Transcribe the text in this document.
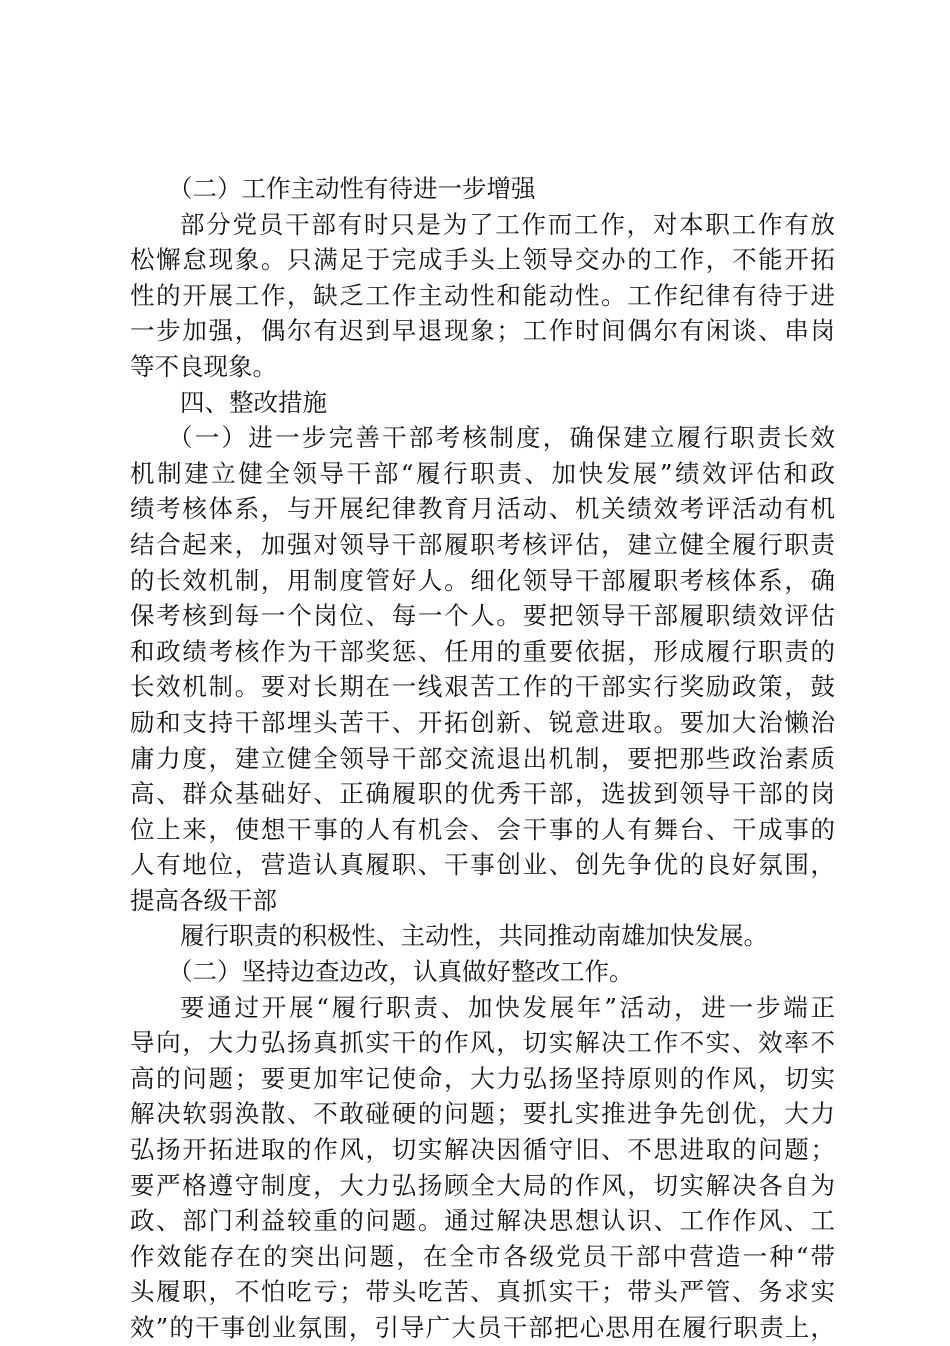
（二）工作主动性有待进一步增强
部分党员干部有时只是为了工作而工作，对本职工作有放
松懈怠现象。只满足于完成手头上领导交办的工作，不能开拓
性的开展工作，缺乏工作主动性和能动性。工作纪律有待于进
一步加强，偶尔有迟到早退现象；工作时间偶尔有闲谈、串岗
等不良现象。
四、整改措施
（一）进一步完善干部考核制度，确保建立履行职责长效
机制建立健全领导干部“履行职责、加快发展”绩效评估和政
绩考核体系，与开展纪律教育月活动、机关绩效考评活动有机
结合起来，加强对领导干部履职考核评估，建立健全履行职责
的长效机制，用制度管好人。细化领导干部履职考核体系，确
保考核到每一个岗位、每一个人。要把领导干部履职绩效评估
和政绩考核作为干部奖惩、任用的重要依据，形成履行职责的
长效机制。要对长期在一线艰苦工作的干部实行奖励政策，鼓
励和支持干部埋头苦干、开拓创新、锐意进取。要加大治懒治
庸力度，建立健全领导干部交流退出机制，要把那些政治素质
高、群众基础好、正确履职的优秀干部，选拔到领导干部的岗
位上来，使想干事的人有机会、会干事的人有舞台、干成事的
人有地位，营造认真履职、干事创业、创先争优的良好氛围，
提高各级干部
履行职责的积极性、主动性，共同推动南雄加快发展。
（二）坚持边查边改，认真做好整改工作。
要通过开展“履行职责、加快发展年”活动，进一步端正
导向，大力弘扬真抓实干的作风，切实解决工作不实、效率不
高的问题；要更加牢记使命，大力弘扬坚持原则的作风，切实
解决软弱涣散、不敢碰硬的问题；要扎实推进争先创优，大力
弘扬开拓进取的作风，切实解决因循守旧、不思进取的问题；
要严格遵守制度，大力弘扬顾全大局的作风，切实解决各自为
政、部门利益较重的问题。通过解决思想认识、工作作风、工
作效能存在的突出问题，在全市各级党员干部中营造一种“带
头履职，不怕吃亏；带头吃苦、真抓实干；带头严管、务求实
效”的干事创业氛围，引导广大员干部把心思用在履行职责上，
